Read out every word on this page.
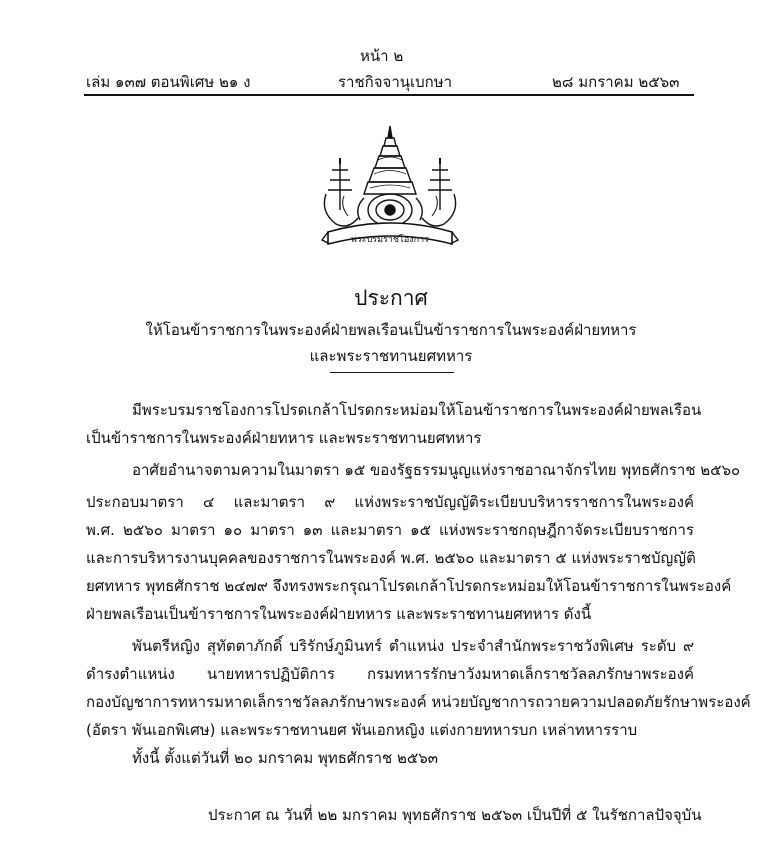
หน้า ๒
เล่ม ๑๓๗ ตอนพิเศษ ๒๑ ง	ราชกิจจานุเบกษา	๒๘ มกราคม ๒๕๖๓
พระบรมราชโองการ
ประกาศ
ให้โอนข้าราชการในพระองค์ฝ่ายพลเรือนเป็นข้าราชการในพระองค์ฝ่ายทหาร
และพระราชทานยศทหาร
มีพระบรมราชโองการโปรดเกล้าโปรดกระหม่อมให้โอนข้าราชการในพระองค์ฝ่ายพลเรือน
เป็นข้าราชการในพระองค์ฝ่ายทหาร และพระราชทานยศทหาร
อาศัยอำนาจตามความในมาตรา ๑๕ ของรัฐธรรมนูญแห่งราชอาณาจักรไทย พุทธศักราช ๒๕๖๐
ประกอบมาตรา ๔ และมาตรา ๙ แห่งพระราชบัญญัติระเบียบบริหารราชการในพระองค์
พ.ศ. ๒๕๖๐ มาตรา ๑๐ มาตรา ๑๓ และมาตรา ๑๕ แห่งพระราชกฤษฎีกาจัดระเบียบราชการ
และการบริหารงานบุคคลของราชการในพระองค์ พ.ศ. ๒๕๖๐ และมาตรา ๕ แห่งพระราชบัญญัติ
ยศทหาร พุทธศักราช ๒๔๗๙ จึงทรงพระกรุณาโปรดเกล้าโปรดกระหม่อมให้โอนข้าราชการในพระองค์
ฝ่ายพลเรือนเป็นข้าราชการในพระองค์ฝ่ายทหาร และพระราชทานยศทหาร ดังนี้
พันตรีหญิง สุทัตตาภักดิ์ บริรักษ์ภูมินทร์ ตำแหน่ง ประจำสำนักพระราชวังพิเศษ ระดับ ๙
ดำรงตำแหน่ง นายทหารปฏิบัติการ กรมทหารรักษาวังมหาดเล็กราชวัลลภรักษาพระองค์
กองบัญชาการทหารมหาดเล็กราชวัลลภรักษาพระองค์ หน่วยบัญชาการถวายความปลอดภัยรักษาพระองค์
(อัตรา พันเอกพิเศษ) และพระราชทานยศ พันเอกหญิง แต่งกายทหารบก เหล่าทหารราบ
ทั้งนี้ ตั้งแต่วันที่ ๒๐ มกราคม พุทธศักราช ๒๕๖๓
ประกาศ ณ วันที่ ๒๒ มกราคม พุทธศักราช ๒๕๖๓ เป็นปีที่ ๕ ในรัชกาลปัจจุบัน
